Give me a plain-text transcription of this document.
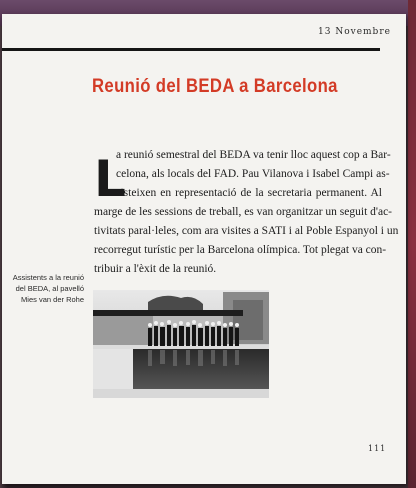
13 Novembre
Reunió del BEDA a Barcelona
L
a reunió semestral del BEDA va tenir lloc aquest cop a Bar-
celona, als locals del FAD. Pau Vilanova i Isabel Campi as-
sisteixen en representació de la secretaria permanent. Al
marge de les sessions de treball, es van organitzar un seguit d'ac-
tivitats paral·leles, com ara visites a SATI i al Poble Espanyol i un
recorregut turístic per la Barcelona olímpica. Tot plegat va con-
tribuir a l'èxit de la reunió.
Assistents a la reunió
del BEDA, al pavelló
Mies van der Rohe
111
